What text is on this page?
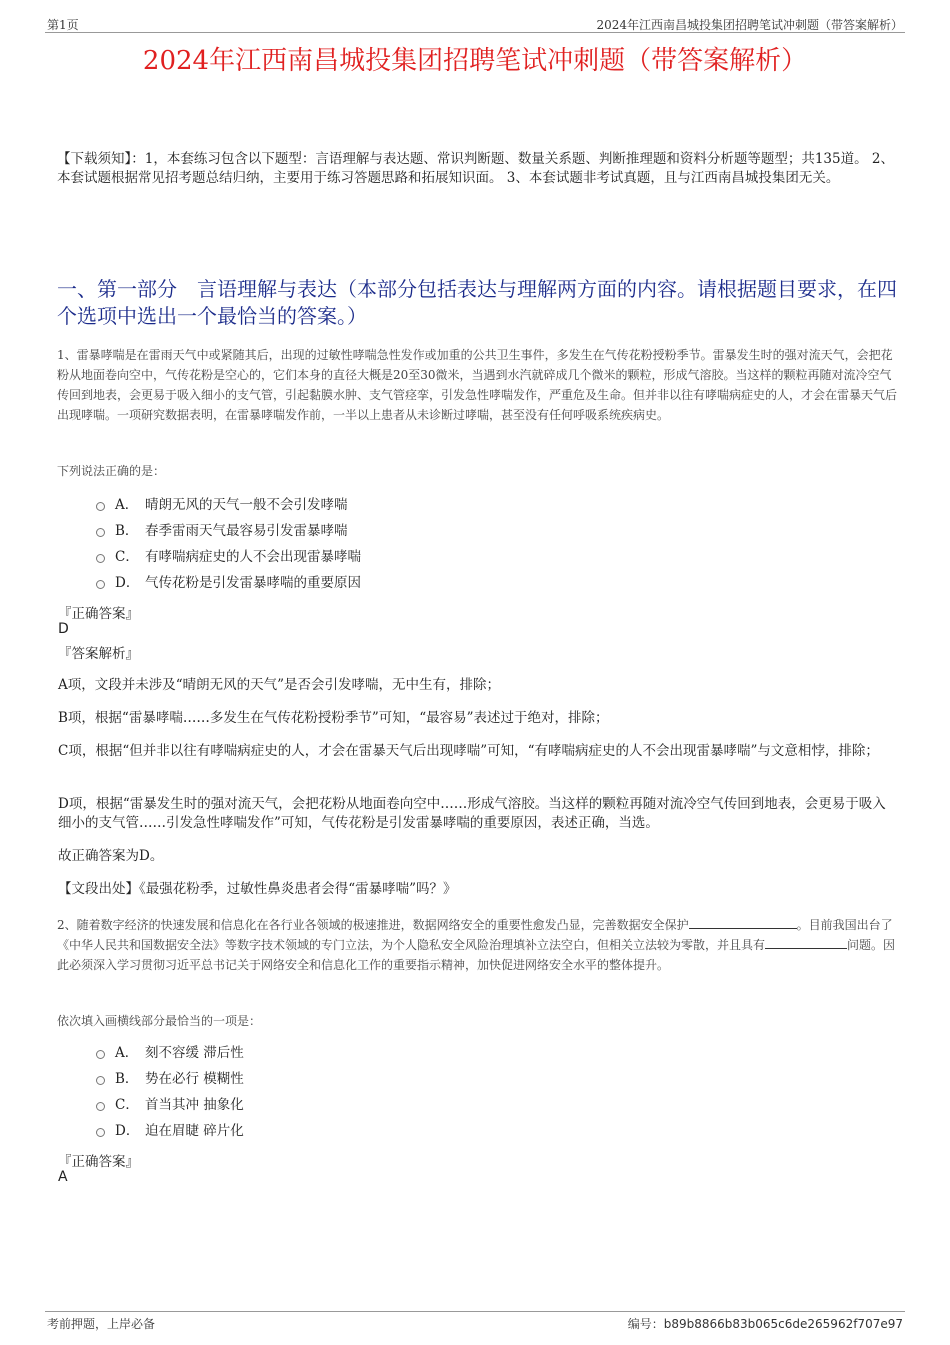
第1页	2024年江西南昌城投集团招聘笔试冲刺题（带答案解析）
2024年江西南昌城投集团招聘笔试冲刺题（带答案解析）
【下载须知】：1，本套练习包含以下题型：言语理解与表达题、常识判断题、数量关系题、判断推理题和资料分析题等题型；共135道。 2、本套试题根据常见招考题总结归纳，主要用于练习答题思路和拓展知识面。 3、本套试题非考试真题，且与江西南昌城投集团无关。
一、第一部分　言语理解与表达（本部分包括表达与理解两方面的内容。请根据题目要求，在四个选项中选出一个最恰当的答案。）
1、雷暴哮喘是在雷雨天气中或紧随其后，出现的过敏性哮喘急性发作或加重的公共卫生事件，多发生在气传花粉授粉季节。雷暴发生时的强对流天气，会把花粉从地面卷向空中，气传花粉是空心的，它们本身的直径大概是20至30微米，当遇到水汽就碎成几个微米的颗粒，形成气溶胶。当这样的颗粒再随对流冷空气传回到地表，会更易于吸入细小的支气管，引起黏膜水肿、支气管痉挛，引发急性哮喘发作，严重危及生命。但并非以往有哮喘病症史的人，才会在雷暴天气后出现哮喘。一项研究数据表明，在雷暴哮喘发作前，一半以上患者从未诊断过哮喘，甚至没有任何呼吸系统疾病史。
下列说法正确的是：
A． 晴朗无风的天气一般不会引发哮喘
B． 春季雷雨天气最容易引发雷暴哮喘
C． 有哮喘病症史的人不会出现雷暴哮喘
D． 气传花粉是引发雷暴哮喘的重要原因
『正确答案』
D
『答案解析』
A项，文段并未涉及“晴朗无风的天气”是否会引发哮喘，无中生有，排除；
B项，根据“雷暴哮喘……多发生在气传花粉授粉季节”可知，“最容易”表述过于绝对，排除；
C项，根据“但并非以往有哮喘病症史的人，才会在雷暴天气后出现哮喘”可知，“有哮喘病症史的人不会出现雷暴哮喘”与文意相悖，排除；
D项，根据“雷暴发生时的强对流天气，会把花粉从地面卷向空中……形成气溶胶。当这样的颗粒再随对流冷空气传回到地表，会更易于吸入细小的支气管……引发急性哮喘发作”可知，气传花粉是引发雷暴哮喘的重要原因，表述正确，当选。
故正确答案为D。
【文段出处】《最强花粉季，过敏性鼻炎患者会得“雷暴哮喘”吗？》
2、随着数字经济的快速发展和信息化在各行业各领域的极速推进，数据网络安全的重要性愈发凸显，完善数据安全保护	。目前我国出台了《中华人民共和国数据安全法》等数字技术领域的专门立法，为个人隐私安全风险治理填补立法空白，但相关立法较为零散，并且具有	问题。因此必须深入学习贯彻习近平总书记关于网络安全和信息化工作的重要指示精神，加快促进网络安全水平的整体提升。
依次填入画横线部分最恰当的一项是：
A． 刻不容缓 滞后性
B． 势在必行 模糊性
C． 首当其冲 抽象化
D． 迫在眉睫 碎片化
『正确答案』
A
考前押题，上岸必备	编号：b89b8866b83b065c6de265962f707e97
